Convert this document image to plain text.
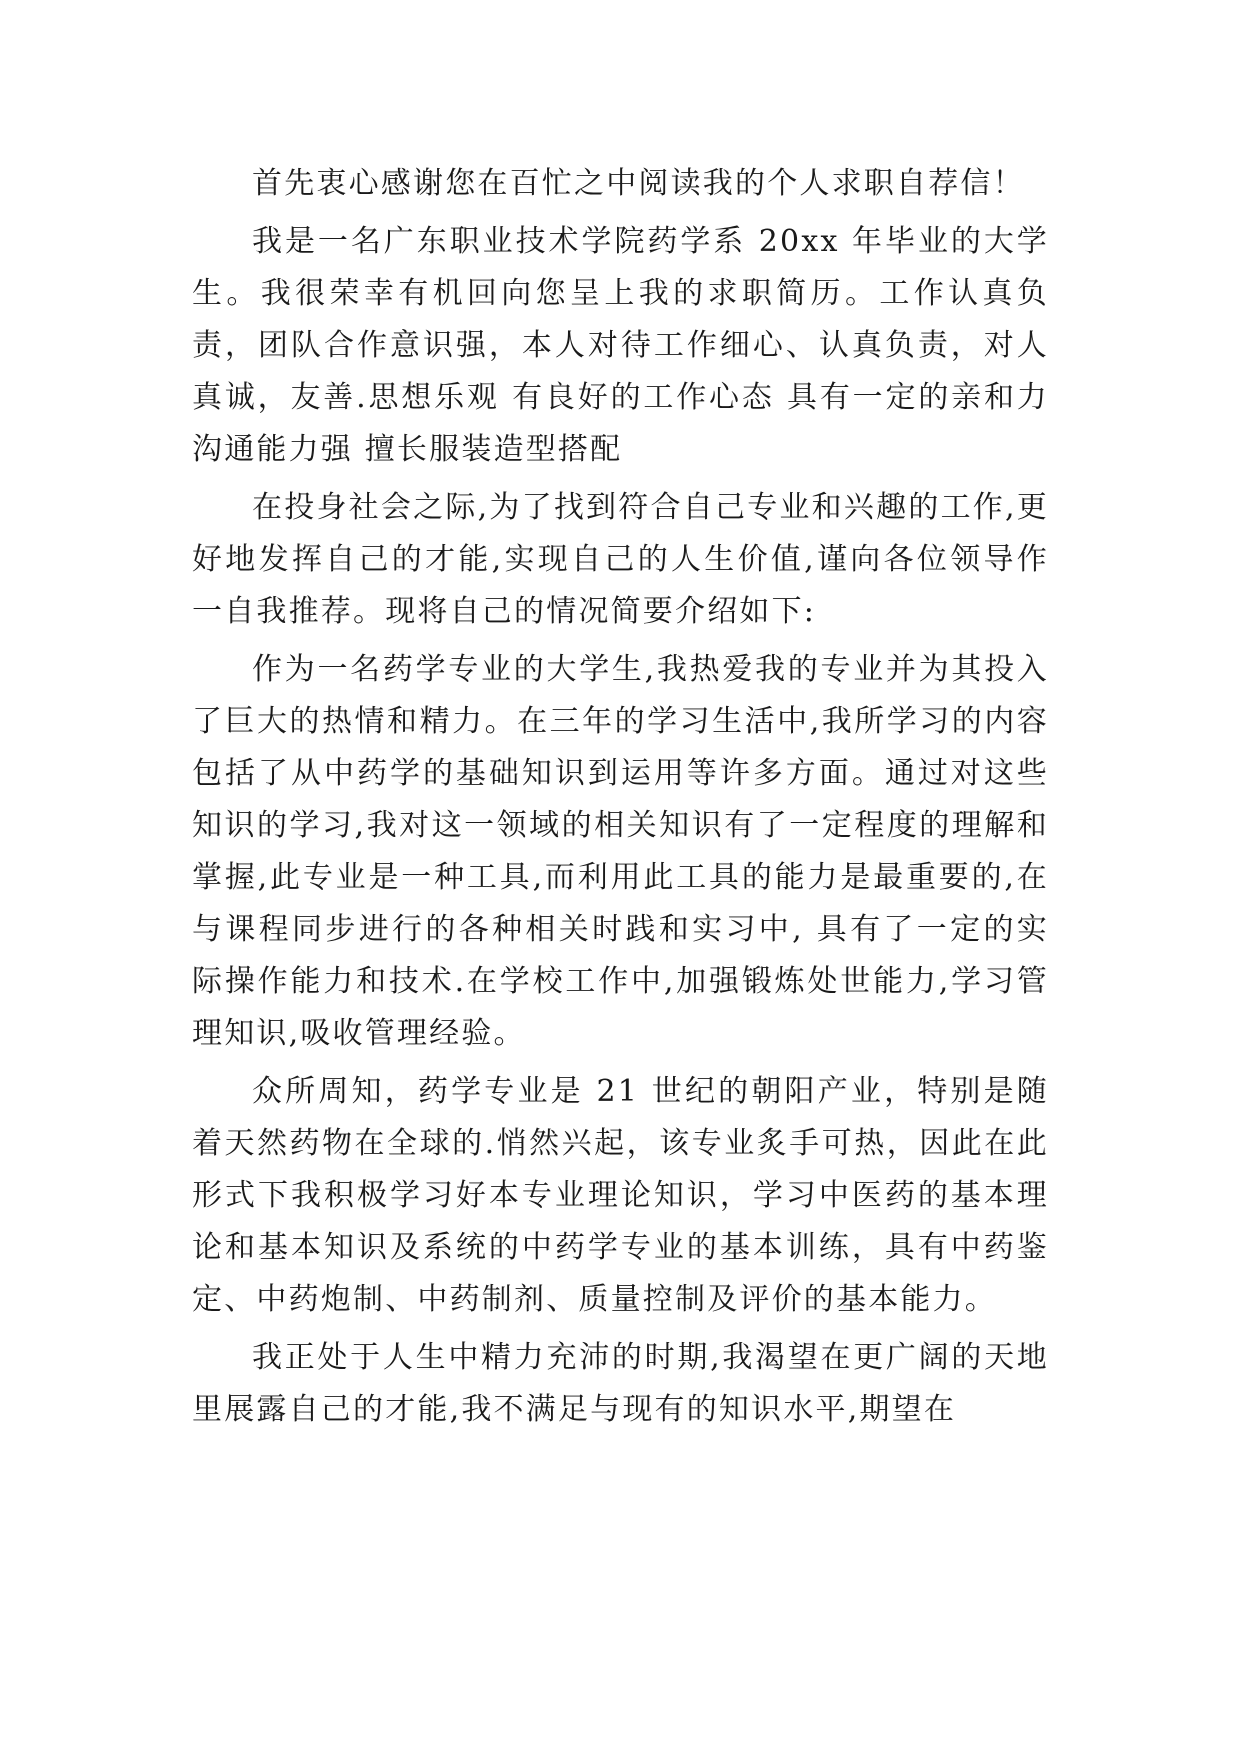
首先衷心感谢您在百忙之中阅读我的个人求职自荐信！

我是一名广东职业技术学院药学系 20xx 年毕业的大学生。我很荣幸有机回向您呈上我的求职简历。工作认真负责，团队合作意识强，本人对待工作细心、认真负责，对人真诚，友善.思想乐观 有良好的工作心态 具有一定的亲和力 沟通能力强 擅长服装造型搭配

在投身社会之际,为了找到符合自己专业和兴趣的工作,更好地发挥自己的才能,实现自己的人生价值,谨向各位领导作一自我推荐。现将自己的情况简要介绍如下:

作为一名药学专业的大学生,我热爱我的专业并为其投入了巨大的热情和精力。在三年的学习生活中,我所学习的内容包括了从中药学的基础知识到运用等许多方面。通过对这些知识的学习,我对这一领域的相关知识有了一定程度的理解和掌握,此专业是一种工具,而利用此工具的能力是最重要的,在与课程同步进行的各种相关时践和实习中, 具有了一定的实际操作能力和技术.在学校工作中,加强锻炼处世能力,学习管理知识,吸收管理经验。

众所周知，药学专业是 21 世纪的朝阳产业，特别是随着天然药物在全球的.悄然兴起，该专业炙手可热，因此在此形式下我积极学习好本专业理论知识，学习中医药的基本理论和基本知识及系统的中药学专业的基本训练，具有中药鉴定、中药炮制、中药制剂、质量控制及评价的基本能力。

我正处于人生中精力充沛的时期,我渴望在更广阔的天地里展露自己的才能,我不满足与现有的知识水平,期望在
